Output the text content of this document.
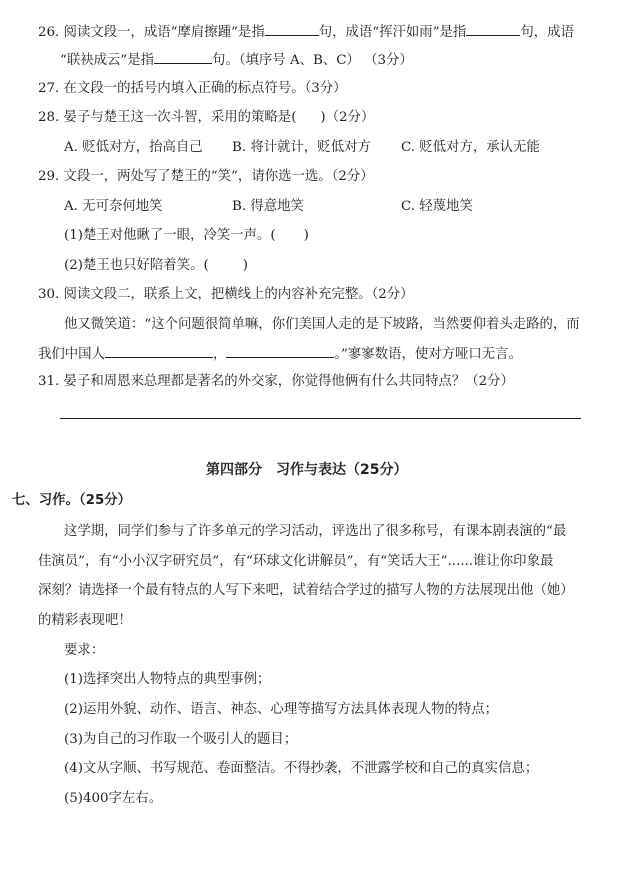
26. 阅读文段一，成语“摩肩擦踵”是指	句，成语“挥汗如雨”是指	句，成语
“联袂成云”是指	句。（填序号 A、B、C） （3分）
27. 在文段一的括号内填入正确的标点符号。（3分）
28. 晏子与楚王这一次斗智，采用的策略是( )（2分）
A. 贬低对方，抬高自己 B. 将计就计，贬低对方 C. 贬低对方，承认无能
29. 文段一，两处写了楚王的“笑”，请你选一选。（2分）
A. 无可奈何地笑	B. 得意地笑	C. 轻蔑地笑
(1)楚王对他瞅了一眼，冷笑一声。( )
(2)楚王也只好陪着笑。(	)
30. 阅读文段二，联系上文，把横线上的内容补充完整。（2分）
他又微笑道：“这个问题很简单嘛，你们美国人走的是下坡路，当然要仰着头走路的，而
我们中国人	，	。”寥寥数语，使对方哑口无言。
31. 晏子和周恩来总理都是著名的外交家，你觉得他俩有什么共同特点？（2分）
第四部分　习作与表达（25分）
七、习作。（25分）
这学期，同学们参与了许多单元的学习活动，评选出了很多称号，有课本剧表演的“最
佳演员”，有“小小汉字研究员”，有“环球文化讲解员”，有“笑话大王”......谁让你印象最
深刻？请选择一个最有特点的人写下来吧，试着结合学过的描写人物的方法展现出他（她）
的精彩表现吧！
要求：
(1)选择突出人物特点的典型事例；
(2)运用外貌、动作、语言、神态、心理等描写方法具体表现人物的特点；
(3)为自己的习作取一个吸引人的题目；
(4)文从字顺、书写规范、卷面整洁。不得抄袭，不泄露学校和自己的真实信息；
(5)400字左右。
